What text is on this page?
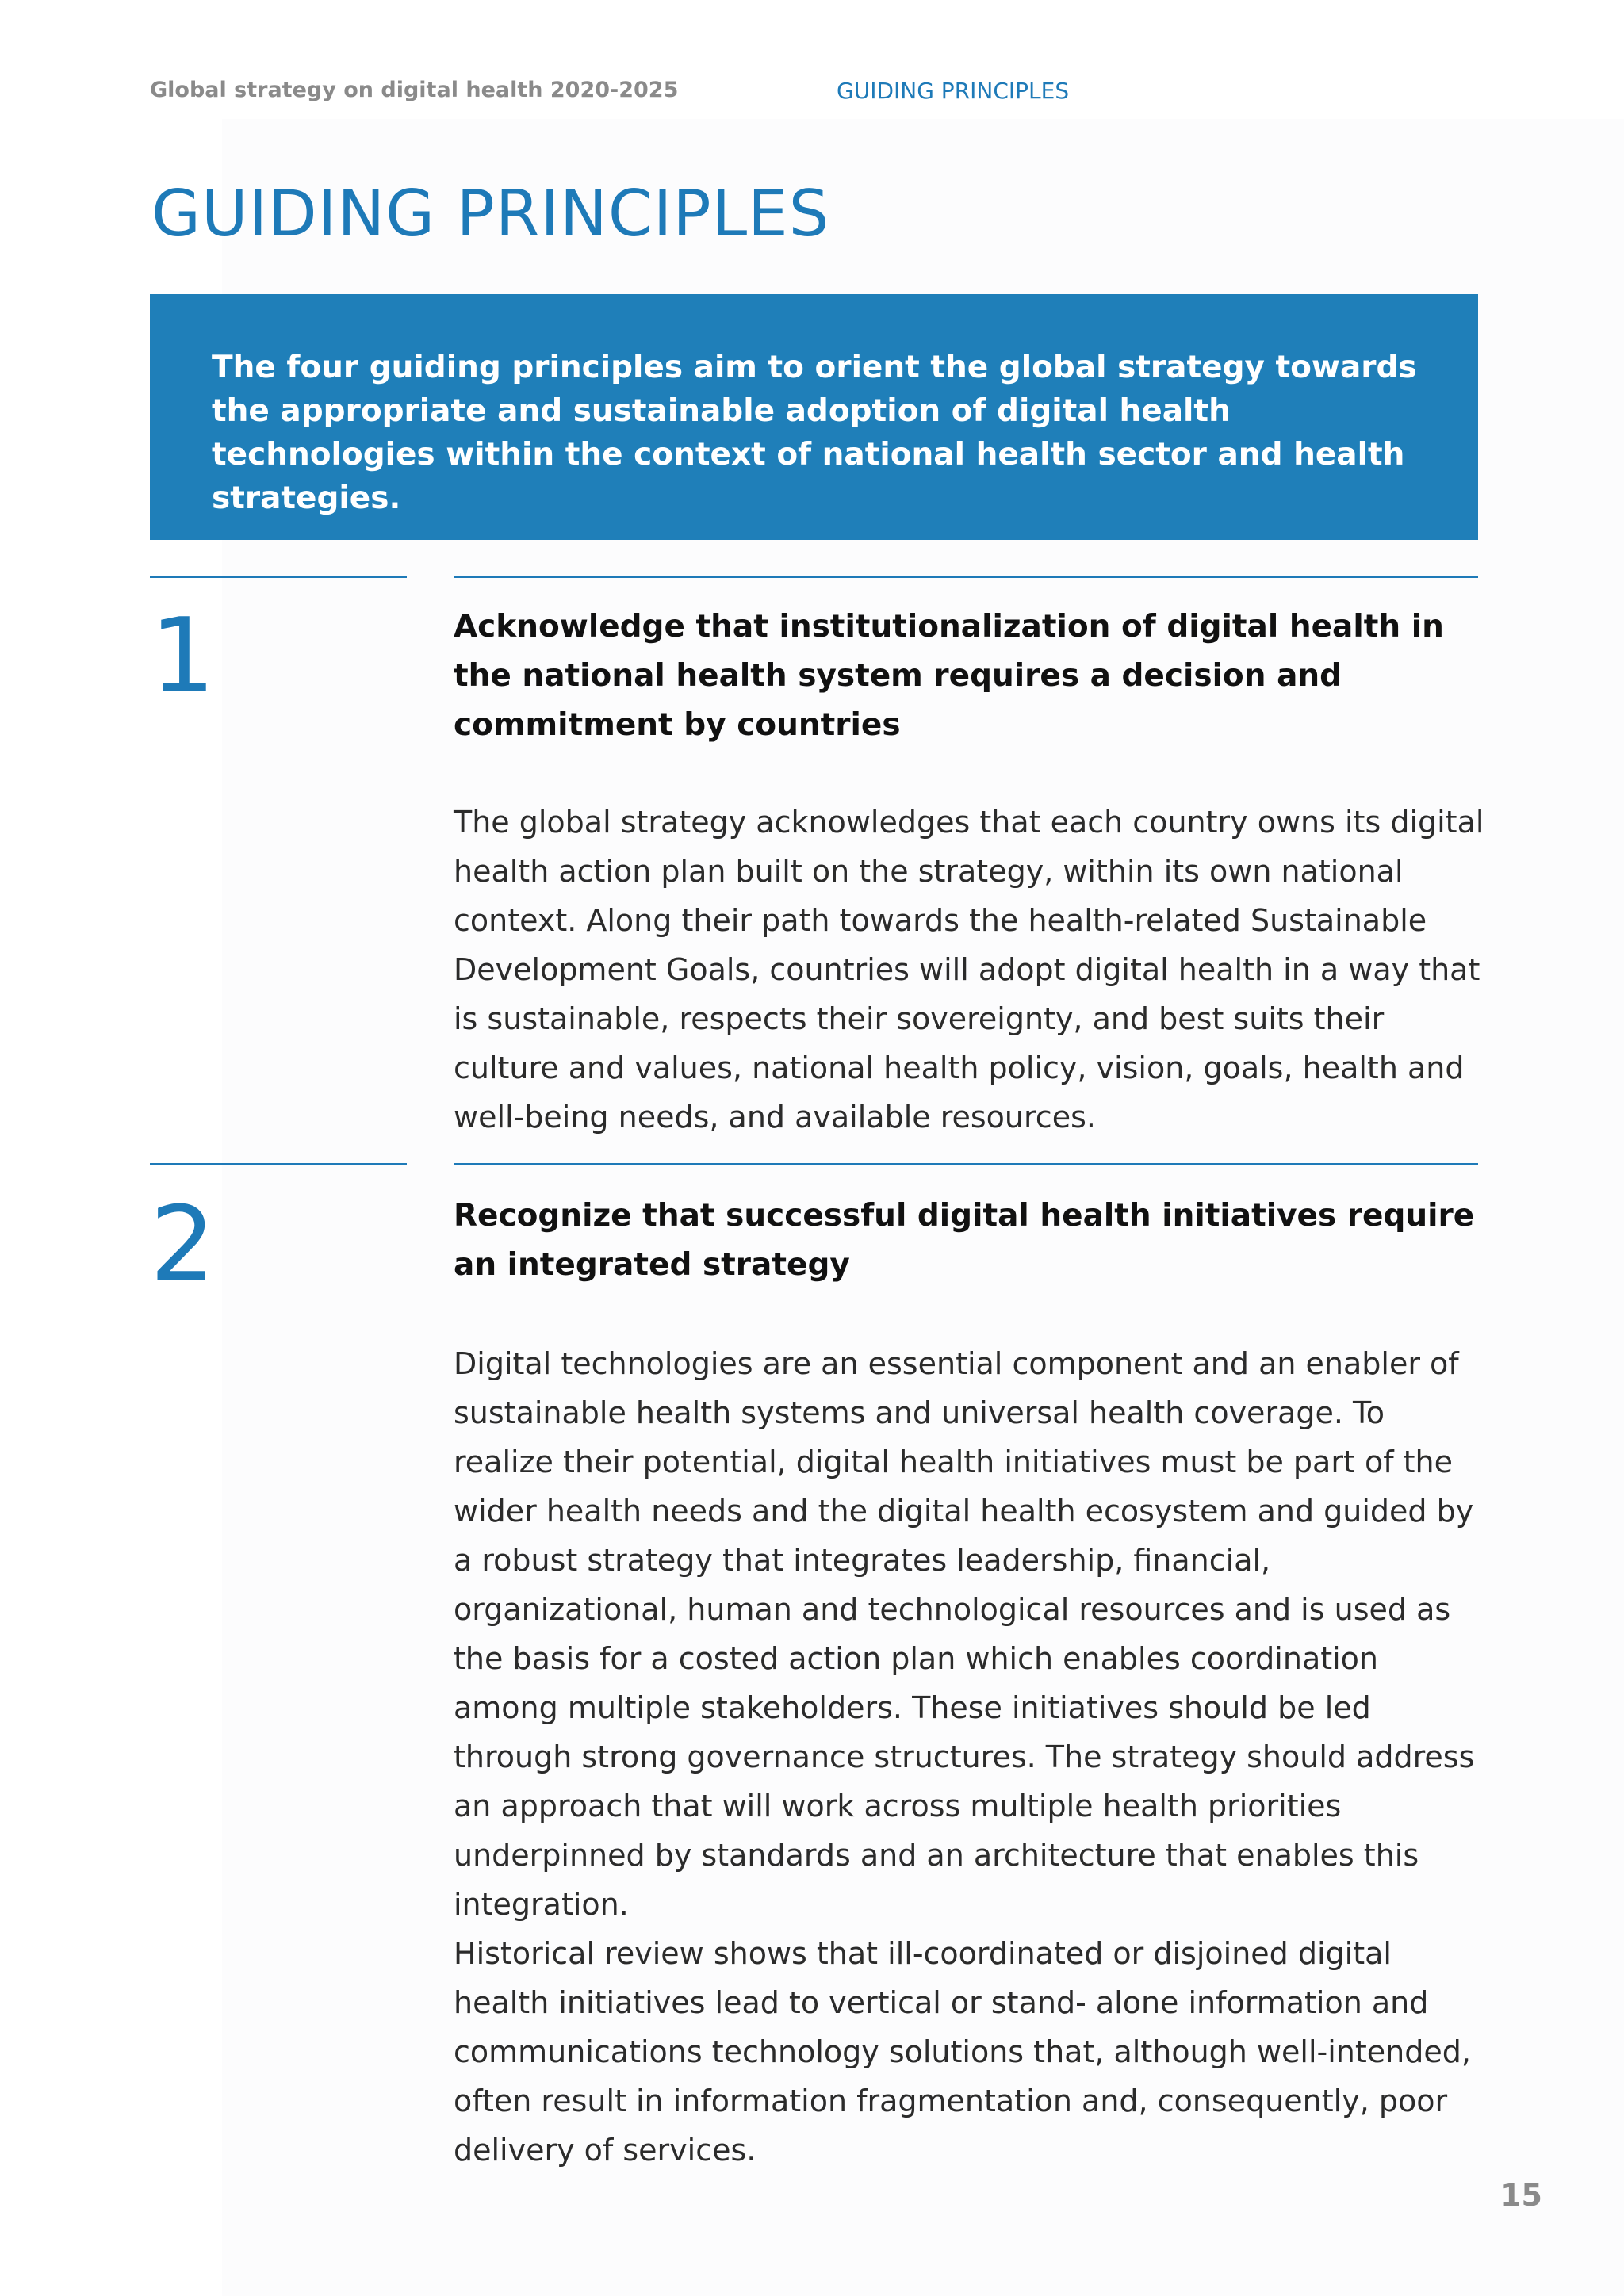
Global strategy on digital health 2020-2025	GUIDING PRINCIPLES
GUIDING PRINCIPLES

The four guiding principles aim to orient the global strategy towards the appropriate and sustainable adoption of digital health technologies within the context of national health sector and health strategies.

1	Acknowledge that institutionalization of digital health in the national health system requires a decision and commitment by countries

The global strategy acknowledges that each country owns its digital health action plan built on the strategy, within its own national context. Along their path towards the health-related Sustainable Development Goals, countries will adopt digital health in a way that is sustainable, respects their sovereignty, and best suits their culture and values, national health policy, vision, goals, health and well-being needs, and available resources.

2	Recognize that successful digital health initiatives require an integrated strategy

Digital technologies are an essential component and an enabler of sustainable health systems and universal health coverage. To realize their potential, digital health initiatives must be part of the wider health needs and the digital health ecosystem and guided by a robust strategy that integrates leadership, financial, organizational, human and technological resources and is used as the basis for a costed action plan which enables coordination among multiple stakeholders. These initiatives should be led through strong governance structures. The strategy should address an approach that will work across multiple health priorities underpinned by standards and an architecture that enables this integration.

Historical review shows that ill-coordinated or disjoined digital health initiatives lead to vertical or stand- alone information and communications technology solutions that, although well-intended, often result in information fragmentation and, consequently, poor delivery of services.

15
